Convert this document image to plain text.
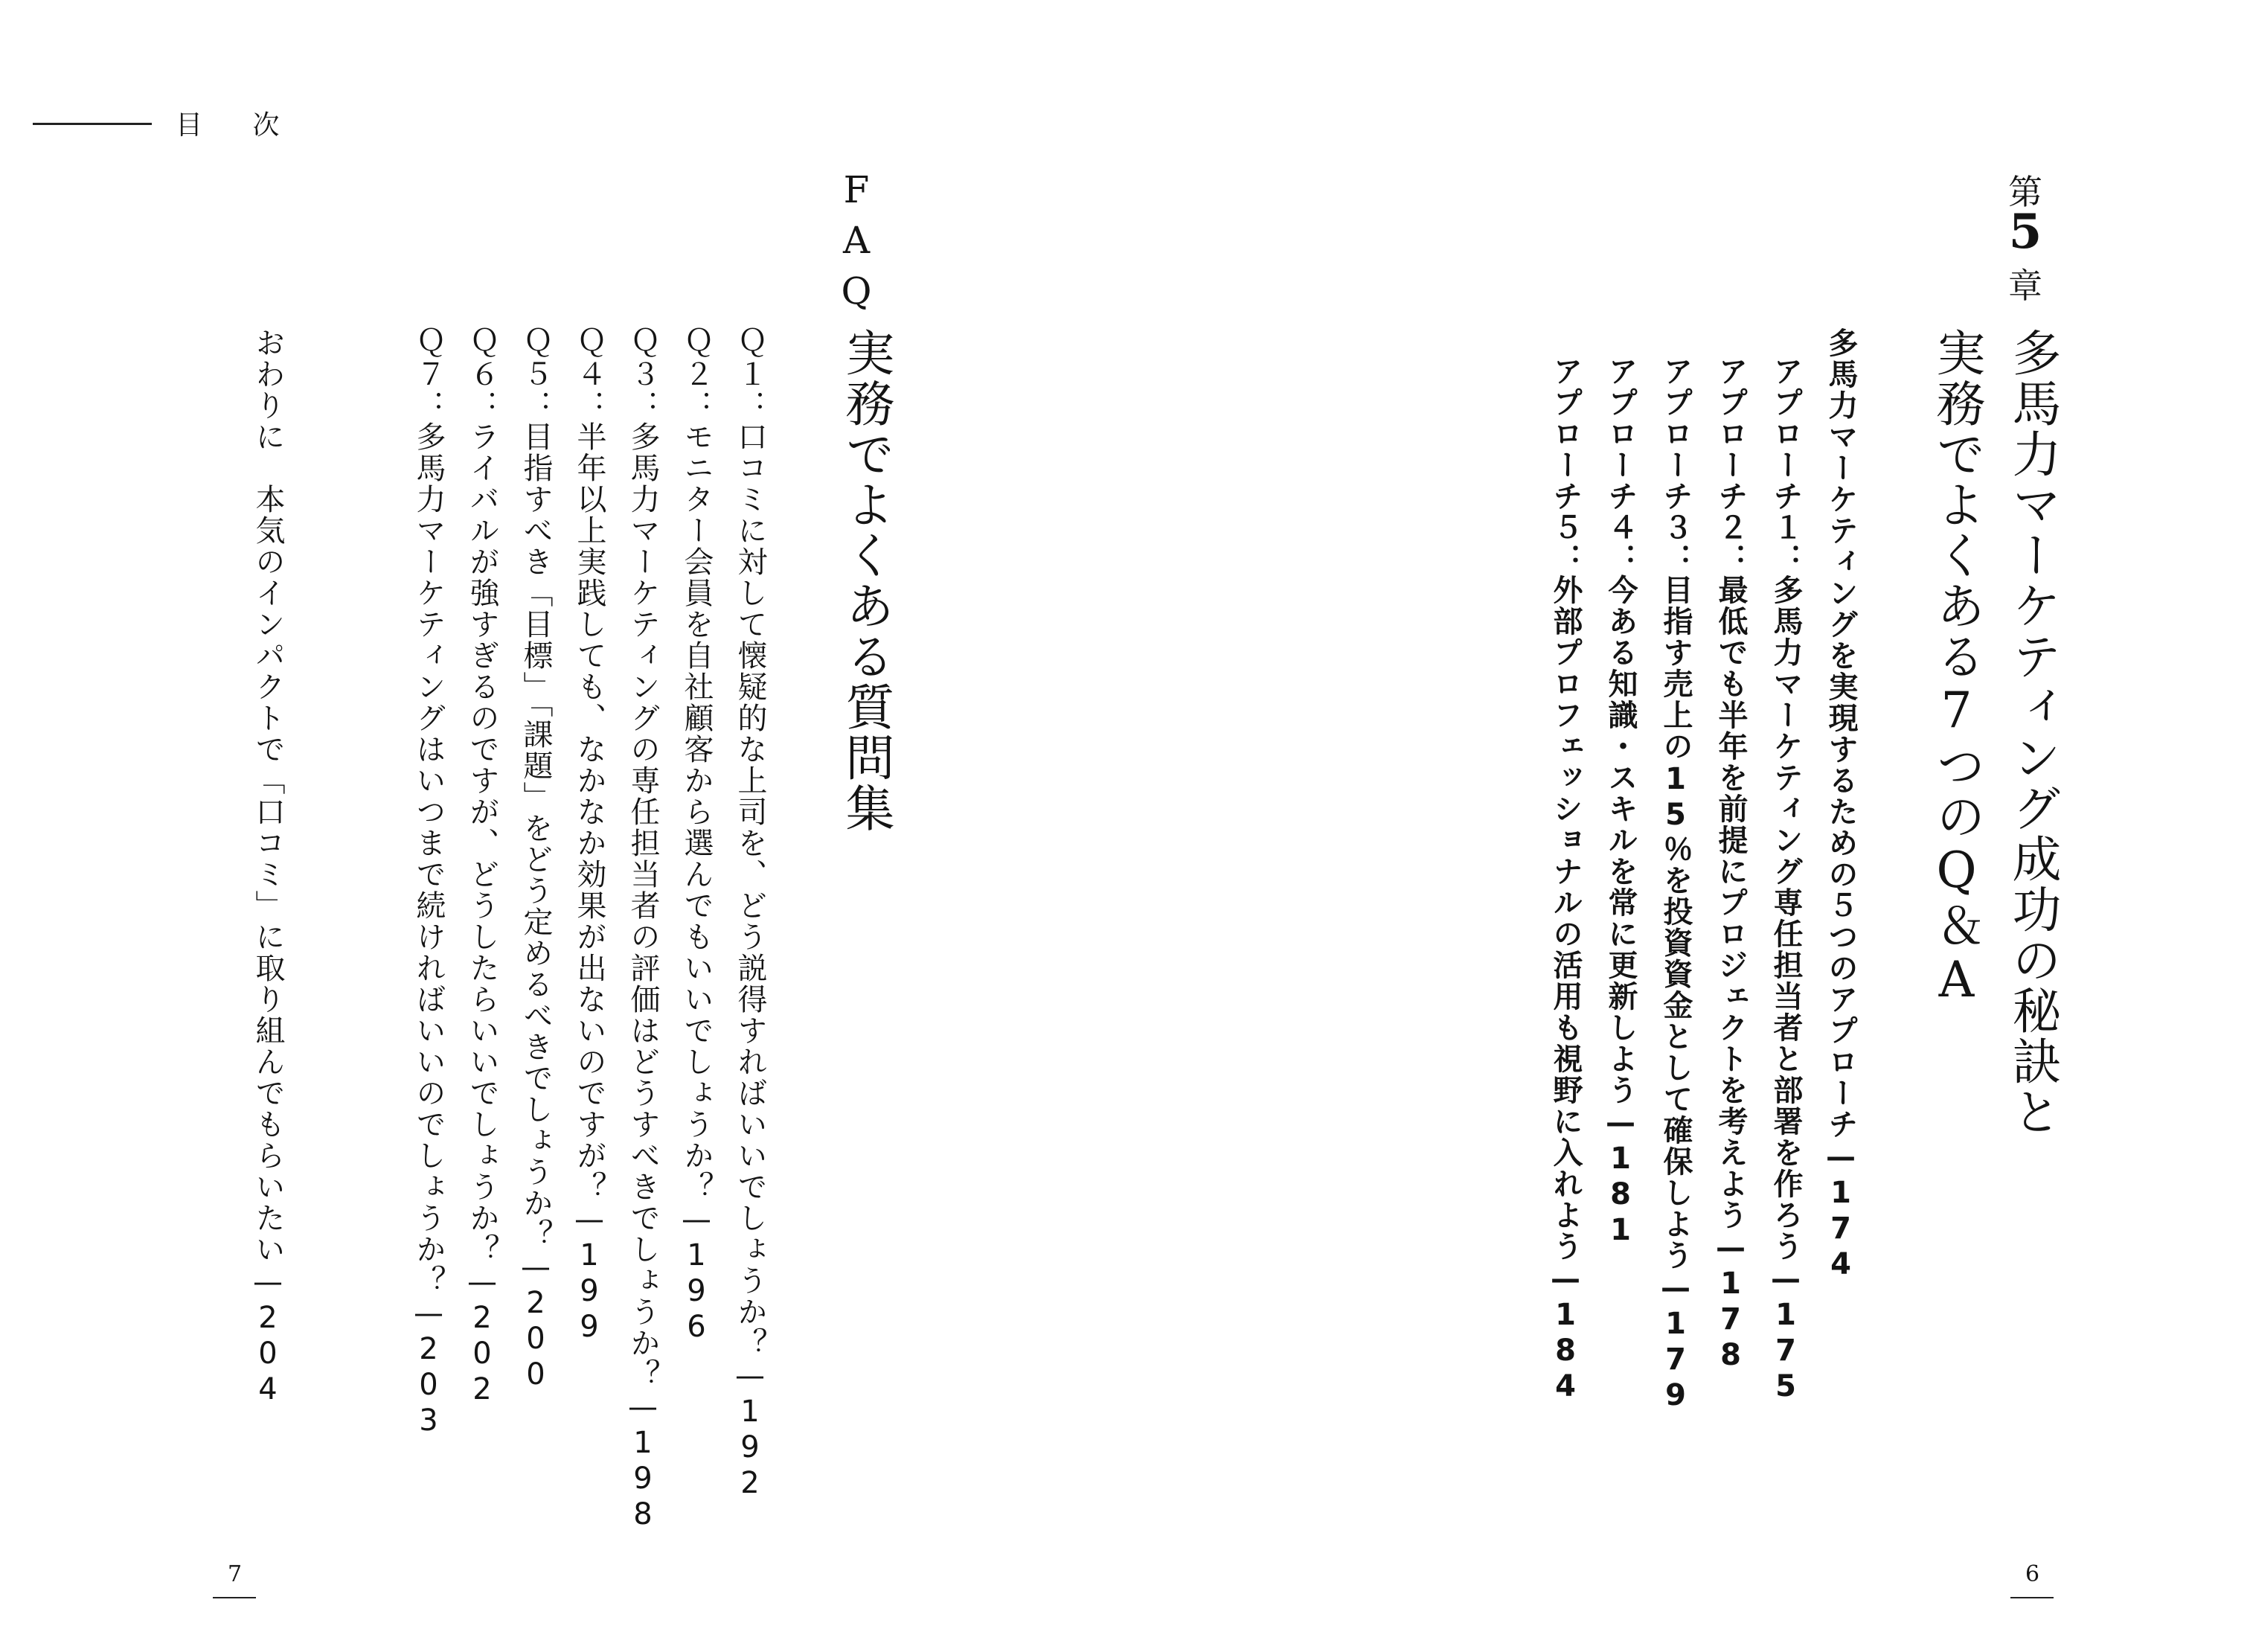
目 次
第
5
章
多馬力マーケティング成功の秘訣と
実務でよくある7つのQ＆A
多馬力マーケティングを実現するための５つのアプローチ—174
アプローチ１：多馬力マーケティング専任担当者と部署を作ろう—175
アプローチ２：最低でも半年を前提にプロジェクトを考えよう—178
アプローチ３：目指す売上の15％を投資資金として確保しよう—179
アプローチ４：今ある知識・スキルを常に更新しよう—181
アプローチ５：外部プロフェッショナルの活用も視野に入れよう—184
FAQ
実務でよくある質問集
Ｑ１：口コミに対して懐疑的な上司を、どう説得すればいいでしょうか？—192
Ｑ２：モニター会員を自社顧客から選んでもいいでしょうか？—196
Ｑ３：多馬力マーケティングの専任担当者の評価はどうすべきでしょうか？—198
Ｑ４：半年以上実践しても、なかなか効果が出ないのですが？—199
Ｑ５：目指すべき「目標」「課題」をどう定めるべきでしょうか？—200
Ｑ６：ライバルが強すぎるのですが、どうしたらいいでしょうか？—202
Ｑ７：多馬力マーケティングはいつまで続ければいいのでしょうか？—203
おわりに　本気のインパクトで「口コミ」に取り組んでもらいたい—204
7	6
